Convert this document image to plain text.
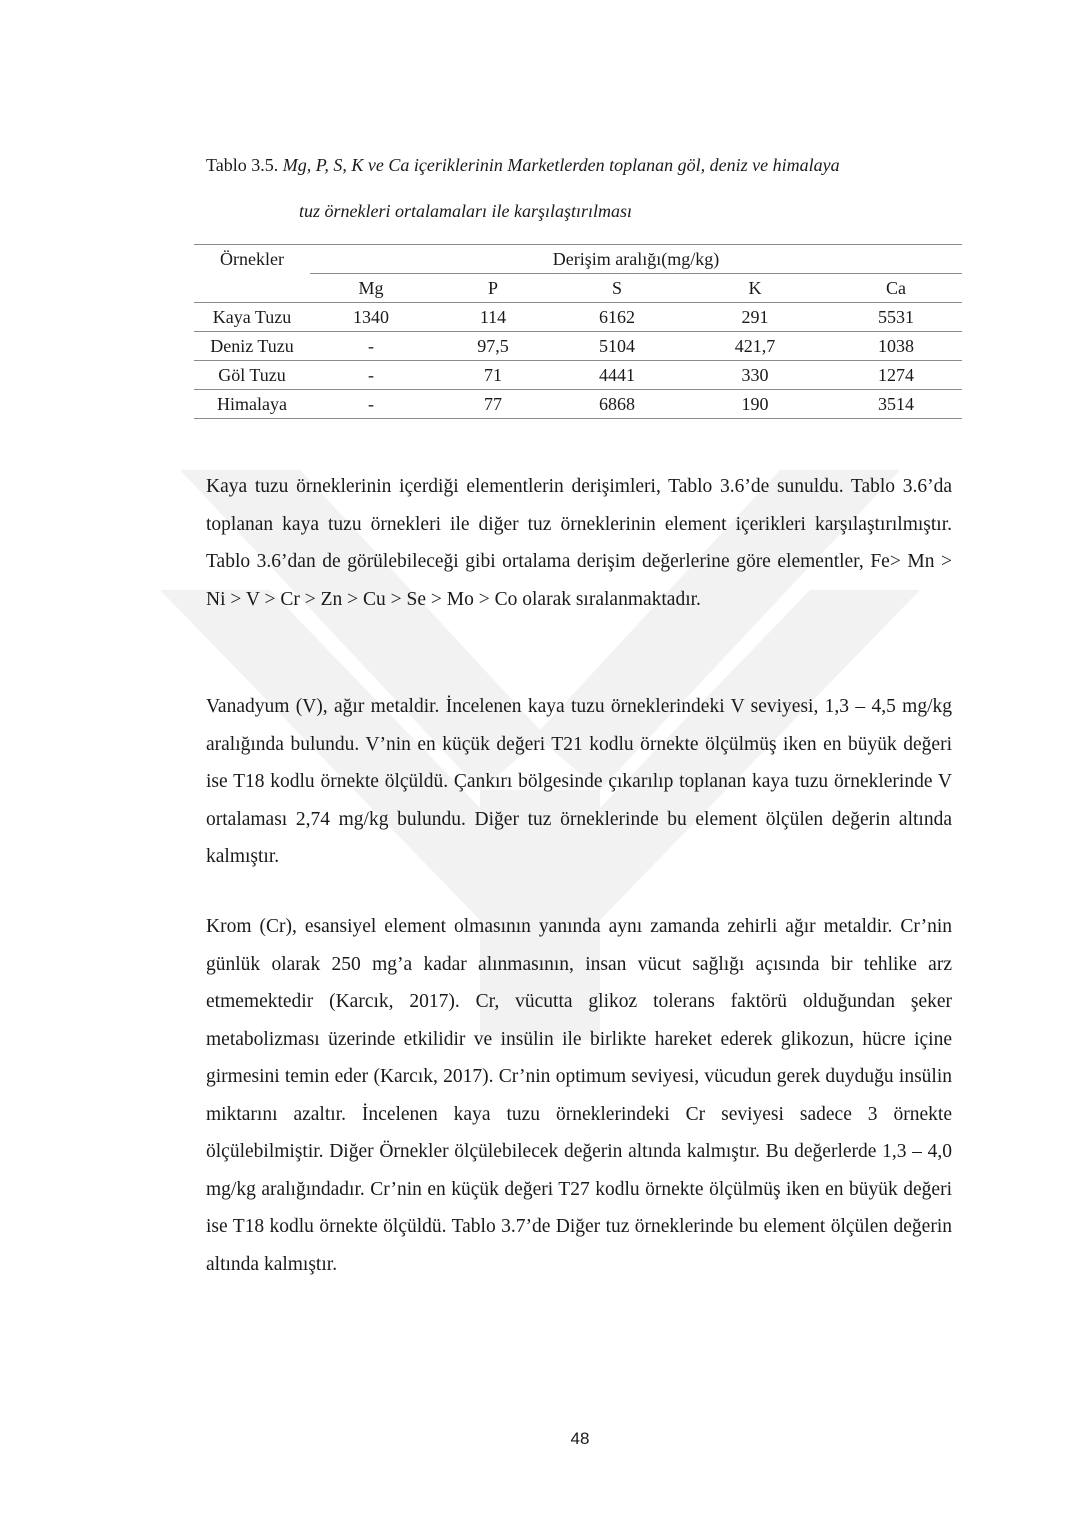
Tablo 3.5. Mg, P, S, K ve Ca içeriklerinin Marketlerden toplanan göl, deniz ve himalaya
tuz örnekleri ortalamaları ile karşılaştırılması
Örnekler	Derişim aralığı(mg/kg)				
	Mg	P	S	K	Ca
Kaya Tuzu	1340	114	6162	291	5531
Deniz Tuzu	-	97,5	5104	421,7	1038
Göl Tuzu	-	71	4441	330	1274
Himalaya	-	77	6868	190	3514

Kaya tuzu örneklerinin içerdiği elementlerin derişimleri, Tablo 3.6’de sunuldu. Tablo 3.6’da toplanan kaya tuzu örnekleri ile diğer tuz örneklerinin element içerikleri karşılaştırılmıştır. Tablo 3.6’dan de görülebileceği gibi ortalama derişim değerlerine göre elementler, Fe> Mn > Ni > V > Cr > Zn > Cu > Se > Mo > Co olarak sıralanmaktadır.

Vanadyum (V), ağır metaldir. İncelenen kaya tuzu örneklerindeki V seviyesi, 1,3 – 4,5 mg/kg aralığında bulundu. V’nin en küçük değeri T21 kodlu örnekte ölçülmüş iken en büyük değeri ise T18 kodlu örnekte ölçüldü. Çankırı bölgesinde çıkarılıp toplanan kaya tuzu örneklerinde V ortalaması 2,74 mg/kg bulundu. Diğer tuz örneklerinde bu element ölçülen değerin altında kalmıştır.

Krom (Cr), esansiyel element olmasının yanında aynı zamanda zehirli ağır metaldir. Cr’nin günlük olarak 250 mg’a kadar alınmasının, insan vücut sağlığı açısında bir tehlike arz etmemektedir (Karcık, 2017). Cr, vücutta glikoz tolerans faktörü olduğundan şeker metabolizması üzerinde etkilidir ve insülin ile birlikte hareket ederek glikozun, hücre içine girmesini temin eder (Karcık, 2017). Cr’nin optimum seviyesi, vücudun gerek duyduğu insülin miktarını azaltır. İncelenen kaya tuzu örneklerindeki Cr seviyesi sadece 3 örnekte ölçülebilmiştir. Diğer Örnekler ölçülebilecek değerin altında kalmıştır. Bu değerlerde 1,3 – 4,0 mg/kg aralığındadır. Cr’nin en küçük değeri T27 kodlu örnekte ölçülmüş iken en büyük değeri ise T18 kodlu örnekte ölçüldü. Tablo 3.7’de Diğer tuz örneklerinde bu element ölçülen değerin altında kalmıştır.

48
